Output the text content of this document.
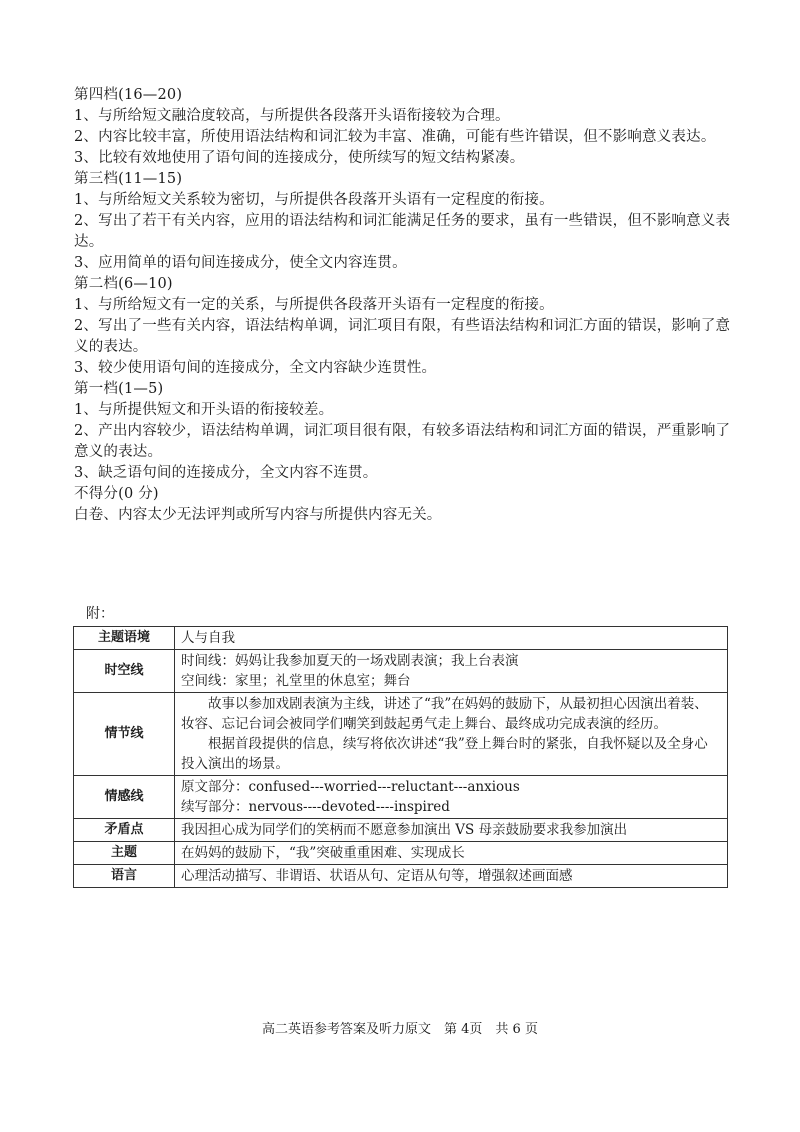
第四档(16—20)
1、与所给短文融洽度较高，与所提供各段落开头语衔接较为合理。
2、内容比较丰富，所使用语法结构和词汇较为丰富、准确，可能有些许错误，但不影响意义表达。
3、比较有效地使用了语句间的连接成分，使所续写的短文结构紧凑。
第三档(11—15)
1、与所给短文关系较为密切，与所提供各段落开头语有一定程度的衔接。
2、写出了若干有关内容，应用的语法结构和词汇能满足任务的要求，虽有一些错误，但不影响意义表达。
3、应用简单的语句间连接成分，使全文内容连贯。
第二档(6—10)
1、与所给短文有一定的关系，与所提供各段落开头语有一定程度的衔接。
2、写出了一些有关内容，语法结构单调，词汇项目有限，有些语法结构和词汇方面的错误，影响了意义的表达。
3、较少使用语句间的连接成分，全文内容缺少连贯性。
第一档(1—5)
1、与所提供短文和开头语的衔接较差。
2、产出内容较少，语法结构单调，词汇项目很有限，有较多语法结构和词汇方面的错误，严重影响了意义的表达。
3、缺乏语句间的连接成分，全文内容不连贯。
不得分(0 分)
白卷、内容太少无法评判或所写内容与所提供内容无关。
附：
主题语境	人与自我
时空线	时间线：妈妈让我参加夏天的一场戏剧表演；我上台表演
空间线：家里；礼堂里的休息室；舞台

情节线	故事以参加戏剧表演为主线，讲述了“我”在妈妈的鼓励下，从最初担心因演出着装、妆容、忘记台词会被同学们嘲笑到鼓起勇气走上舞台、最终成功完成表演的经历。
根据首段提供的信息，续写将依次讲述“我”登上舞台时的紧张，自我怀疑以及全身心投入演出的场景。

情感线	原文部分：confused---worried---reluctant---anxious
续写部分：nervous----devoted----inspired

矛盾点	我因担心成为同学们的笑柄而不愿意参加演出 VS 母亲鼓励要求我参加演出
主题	在妈妈的鼓励下，“我”突破重重困难、实现成长
语言	心理活动描写、非谓语、状语从句、定语从句等，增强叙述画面感
高二英语参考答案及听力原文　第 4页　共 6 页
